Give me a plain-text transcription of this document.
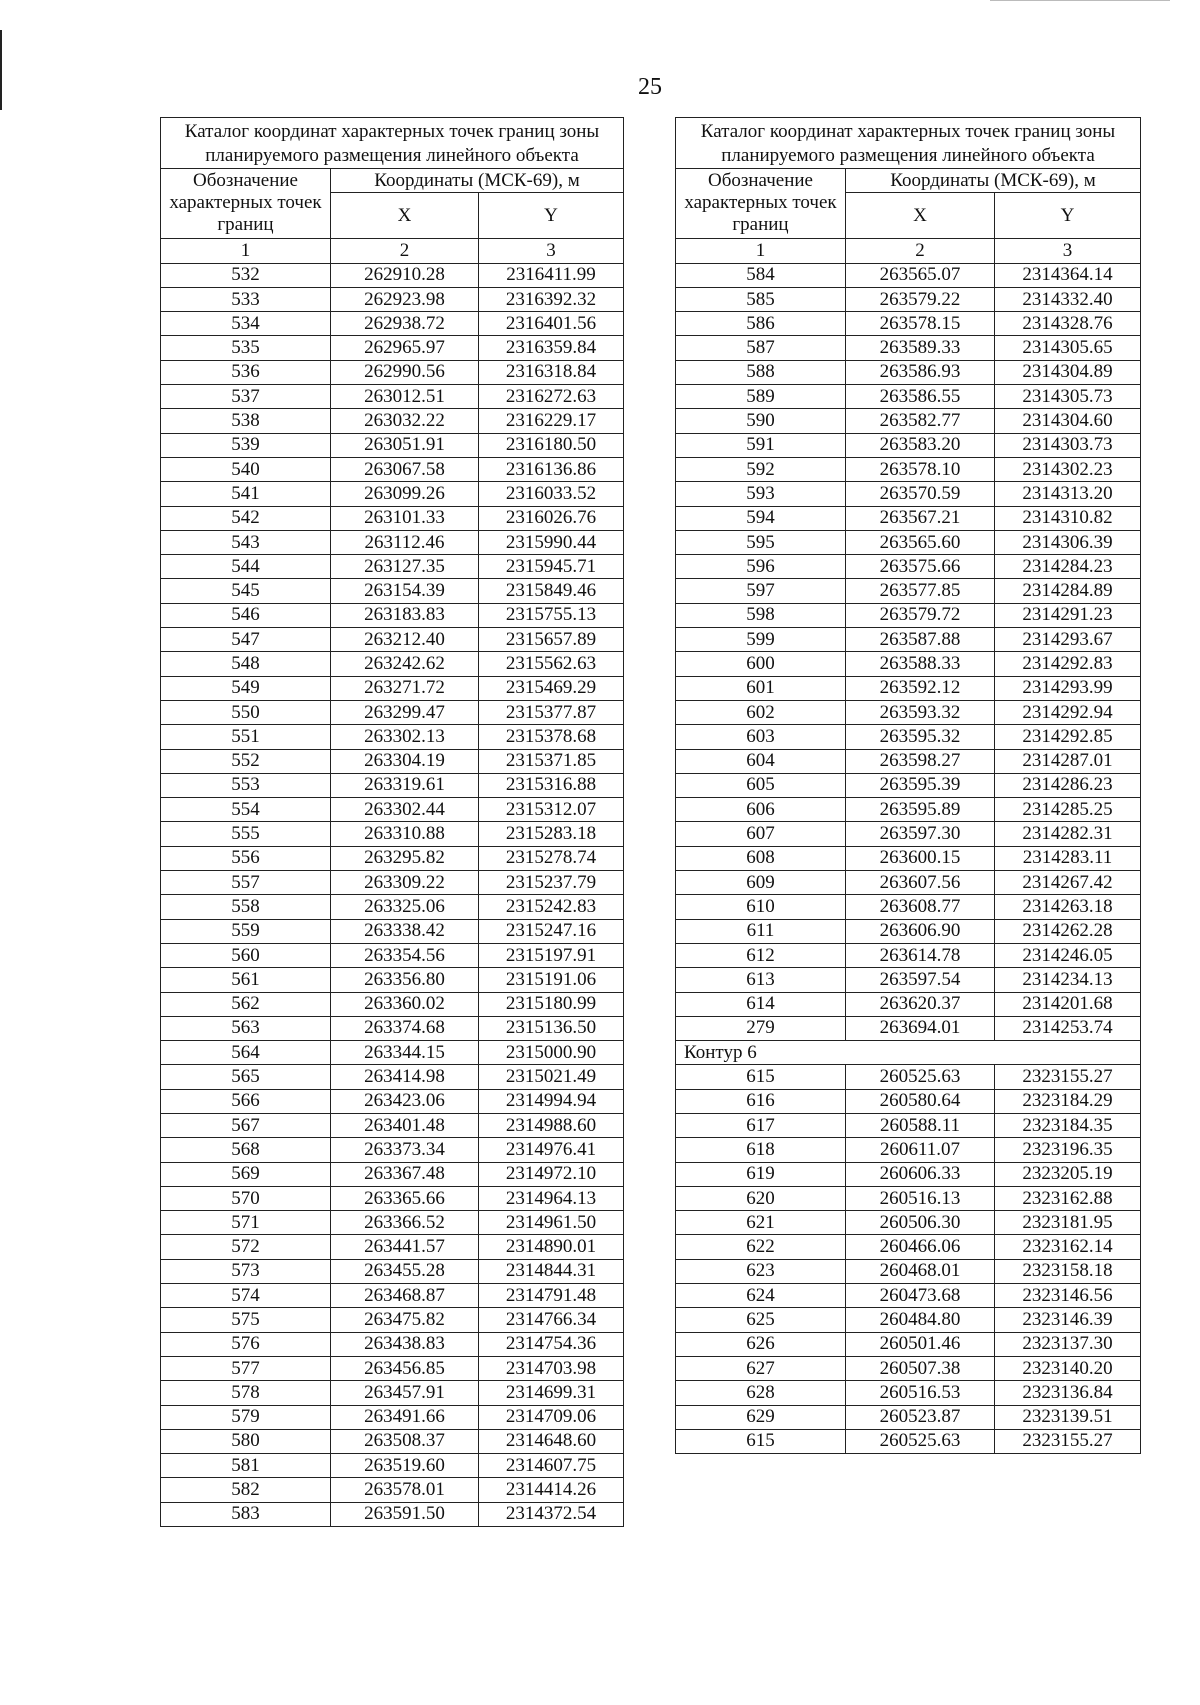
25
Каталог координат характерных точек границ зоны планируемого размещения линейного объекта		
Обозначение характерных точек границ	Координаты (МСК-69), м	
	X	Y
1	2	3
532	262910.28	2316411.99
533	262923.98	2316392.32
534	262938.72	2316401.56
535	262965.97	2316359.84
536	262990.56	2316318.84
537	263012.51	2316272.63
538	263032.22	2316229.17
539	263051.91	2316180.50
540	263067.58	2316136.86
541	263099.26	2316033.52
542	263101.33	2316026.76
543	263112.46	2315990.44
544	263127.35	2315945.71
545	263154.39	2315849.46
546	263183.83	2315755.13
547	263212.40	2315657.89
548	263242.62	2315562.63
549	263271.72	2315469.29
550	263299.47	2315377.87
551	263302.13	2315378.68
552	263304.19	2315371.85
553	263319.61	2315316.88
554	263302.44	2315312.07
555	263310.88	2315283.18
556	263295.82	2315278.74
557	263309.22	2315237.79
558	263325.06	2315242.83
559	263338.42	2315247.16
560	263354.56	2315197.91
561	263356.80	2315191.06
562	263360.02	2315180.99
563	263374.68	2315136.50
564	263344.15	2315000.90
565	263414.98	2315021.49
566	263423.06	2314994.94
567	263401.48	2314988.60
568	263373.34	2314976.41
569	263367.48	2314972.10
570	263365.66	2314964.13
571	263366.52	2314961.50
572	263441.57	2314890.01
573	263455.28	2314844.31
574	263468.87	2314791.48
575	263475.82	2314766.34
576	263438.83	2314754.36
577	263456.85	2314703.98
578	263457.91	2314699.31
579	263491.66	2314709.06
580	263508.37	2314648.60
581	263519.60	2314607.75
582	263578.01	2314414.26
583	263591.50	2314372.54
Каталог координат характерных точек границ зоны планируемого размещения линейного объекта		
Обозначение характерных точек границ	Координаты (МСК-69), м	
	X	Y
1	2	3
584	263565.07	2314364.14
585	263579.22	2314332.40
586	263578.15	2314328.76
587	263589.33	2314305.65
588	263586.93	2314304.89
589	263586.55	2314305.73
590	263582.77	2314304.60
591	263583.20	2314303.73
592	263578.10	2314302.23
593	263570.59	2314313.20
594	263567.21	2314310.82
595	263565.60	2314306.39
596	263575.66	2314284.23
597	263577.85	2314284.89
598	263579.72	2314291.23
599	263587.88	2314293.67
600	263588.33	2314292.83
601	263592.12	2314293.99
602	263593.32	2314292.94
603	263595.32	2314292.85
604	263598.27	2314287.01
605	263595.39	2314286.23
606	263595.89	2314285.25
607	263597.30	2314282.31
608	263600.15	2314283.11
609	263607.56	2314267.42
610	263608.77	2314263.18
611	263606.90	2314262.28
612	263614.78	2314246.05
613	263597.54	2314234.13
614	263620.37	2314201.68
279	263694.01	2314253.74
Контур 6		
615	260525.63	2323155.27
616	260580.64	2323184.29
617	260588.11	2323184.35
618	260611.07	2323196.35
619	260606.33	2323205.19
620	260516.13	2323162.88
621	260506.30	2323181.95
622	260466.06	2323162.14
623	260468.01	2323158.18
624	260473.68	2323146.56
625	260484.80	2323146.39
626	260501.46	2323137.30
627	260507.38	2323140.20
628	260516.53	2323136.84
629	260523.87	2323139.51
615	260525.63	2323155.27
